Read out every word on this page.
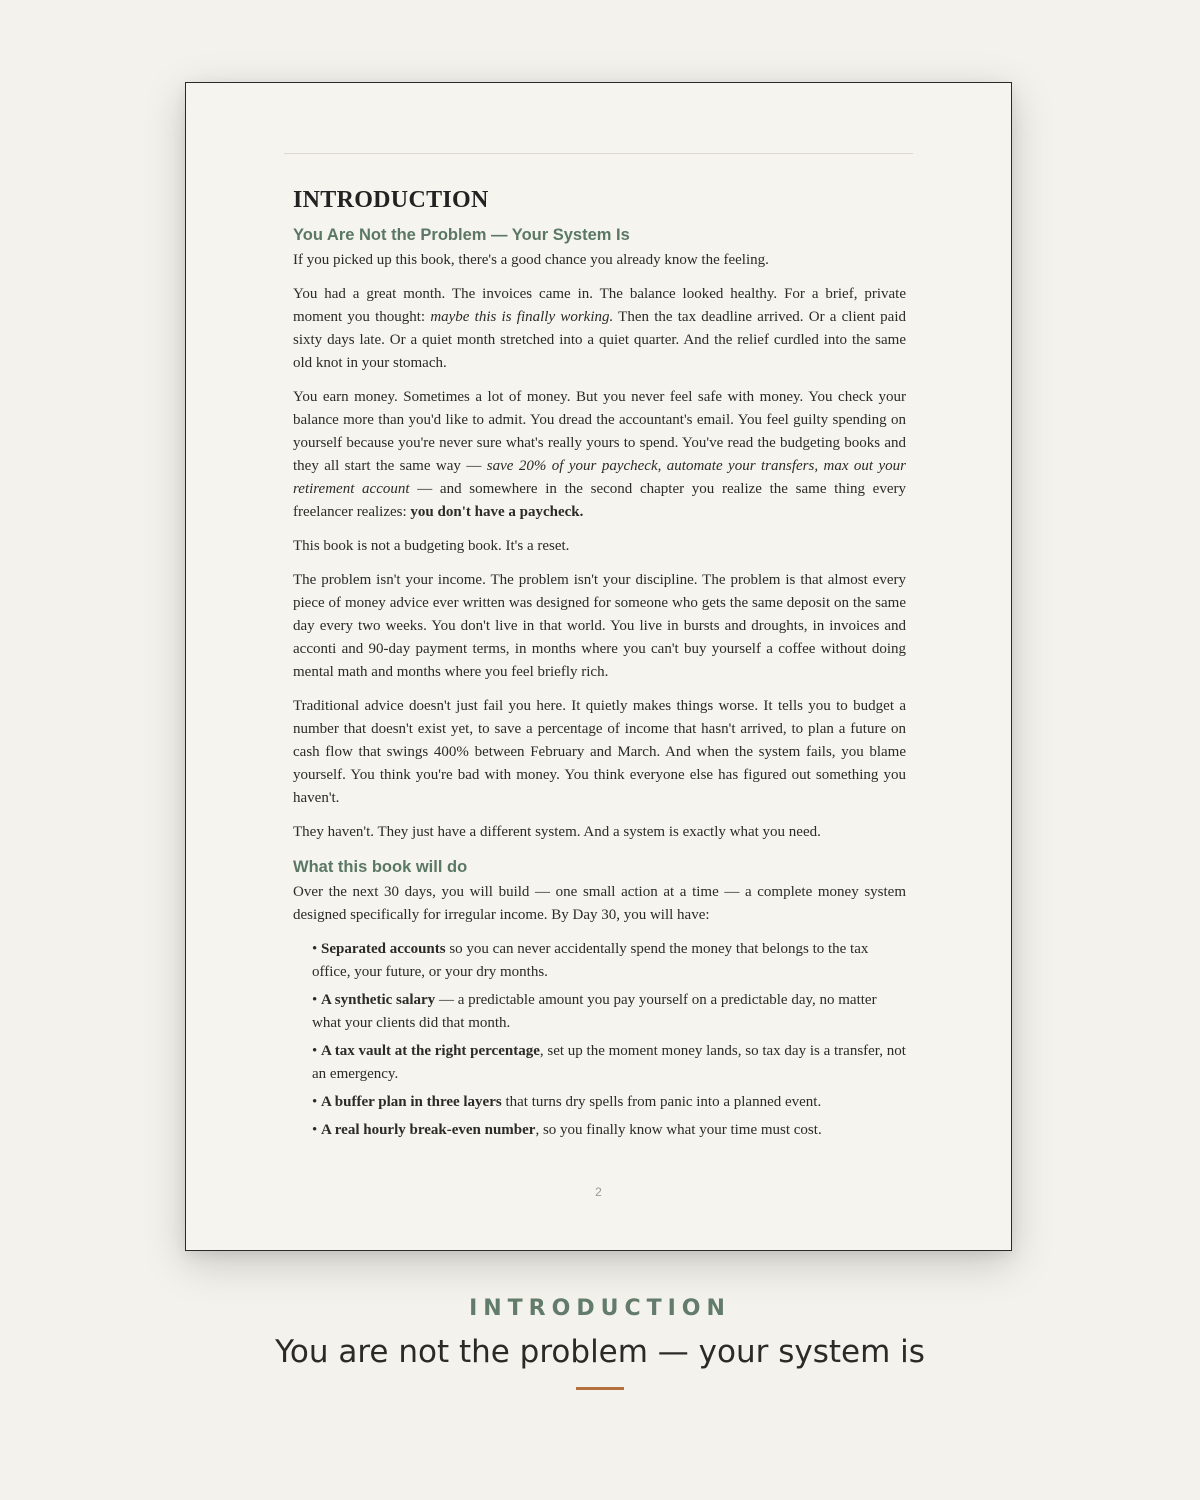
INTRODUCTION
You Are Not the Problem — Your System Is

If you picked up this book, there's a good chance you already know the feeling.

You had a great month. The invoices came in. The balance looked healthy. For a brief, private moment you thought: maybe this is finally working. Then the tax deadline arrived. Or a client paid sixty days late. Or a quiet month stretched into a quiet quarter. And the relief curdled into the same old knot in your stomach.

You earn money. Sometimes a lot of money. But you never feel safe with money. You check your balance more than you'd like to admit. You dread the accountant's email. You feel guilty spending on yourself because you're never sure what's really yours to spend. You've read the budgeting books and they all start the same way — save 20% of your paycheck, automate your transfers, max out your retirement account — and somewhere in the second chapter you realize the same thing every freelancer realizes: you don't have a paycheck.

This book is not a budgeting book. It's a reset.

The problem isn't your income. The problem isn't your discipline. The problem is that almost every piece of money advice ever written was designed for someone who gets the same deposit on the same day every two weeks. You don't live in that world. You live in bursts and droughts, in invoices and acconti and 90-day payment terms, in months where you can't buy yourself a coffee without doing mental math and months where you feel briefly rich.

Traditional advice doesn't just fail you here. It quietly makes things worse. It tells you to budget a number that doesn't exist yet, to save a percentage of income that hasn't arrived, to plan a future on cash flow that swings 400% between February and March. And when the system fails, you blame yourself. You think you're bad with money. You think everyone else has figured out something you haven't.

They haven't. They just have a different system. And a system is exactly what you need.

What this book will do

Over the next 30 days, you will build — one small action at a time — a complete money system designed specifically for irregular income. By Day 30, you will have:

• Separated accounts so you can never accidentally spend the money that belongs to the tax office, your future, or your dry months.
• A synthetic salary — a predictable amount you pay yourself on a predictable day, no matter what your clients did that month.
• A tax vault at the right percentage, set up the moment money lands, so tax day is a transfer, not an emergency.
• A buffer plan in three layers that turns dry spells from panic into a planned event.
• A real hourly break-even number, so you finally know what your time must cost.
2
INTRODUCTION
You are not the problem — your system is
